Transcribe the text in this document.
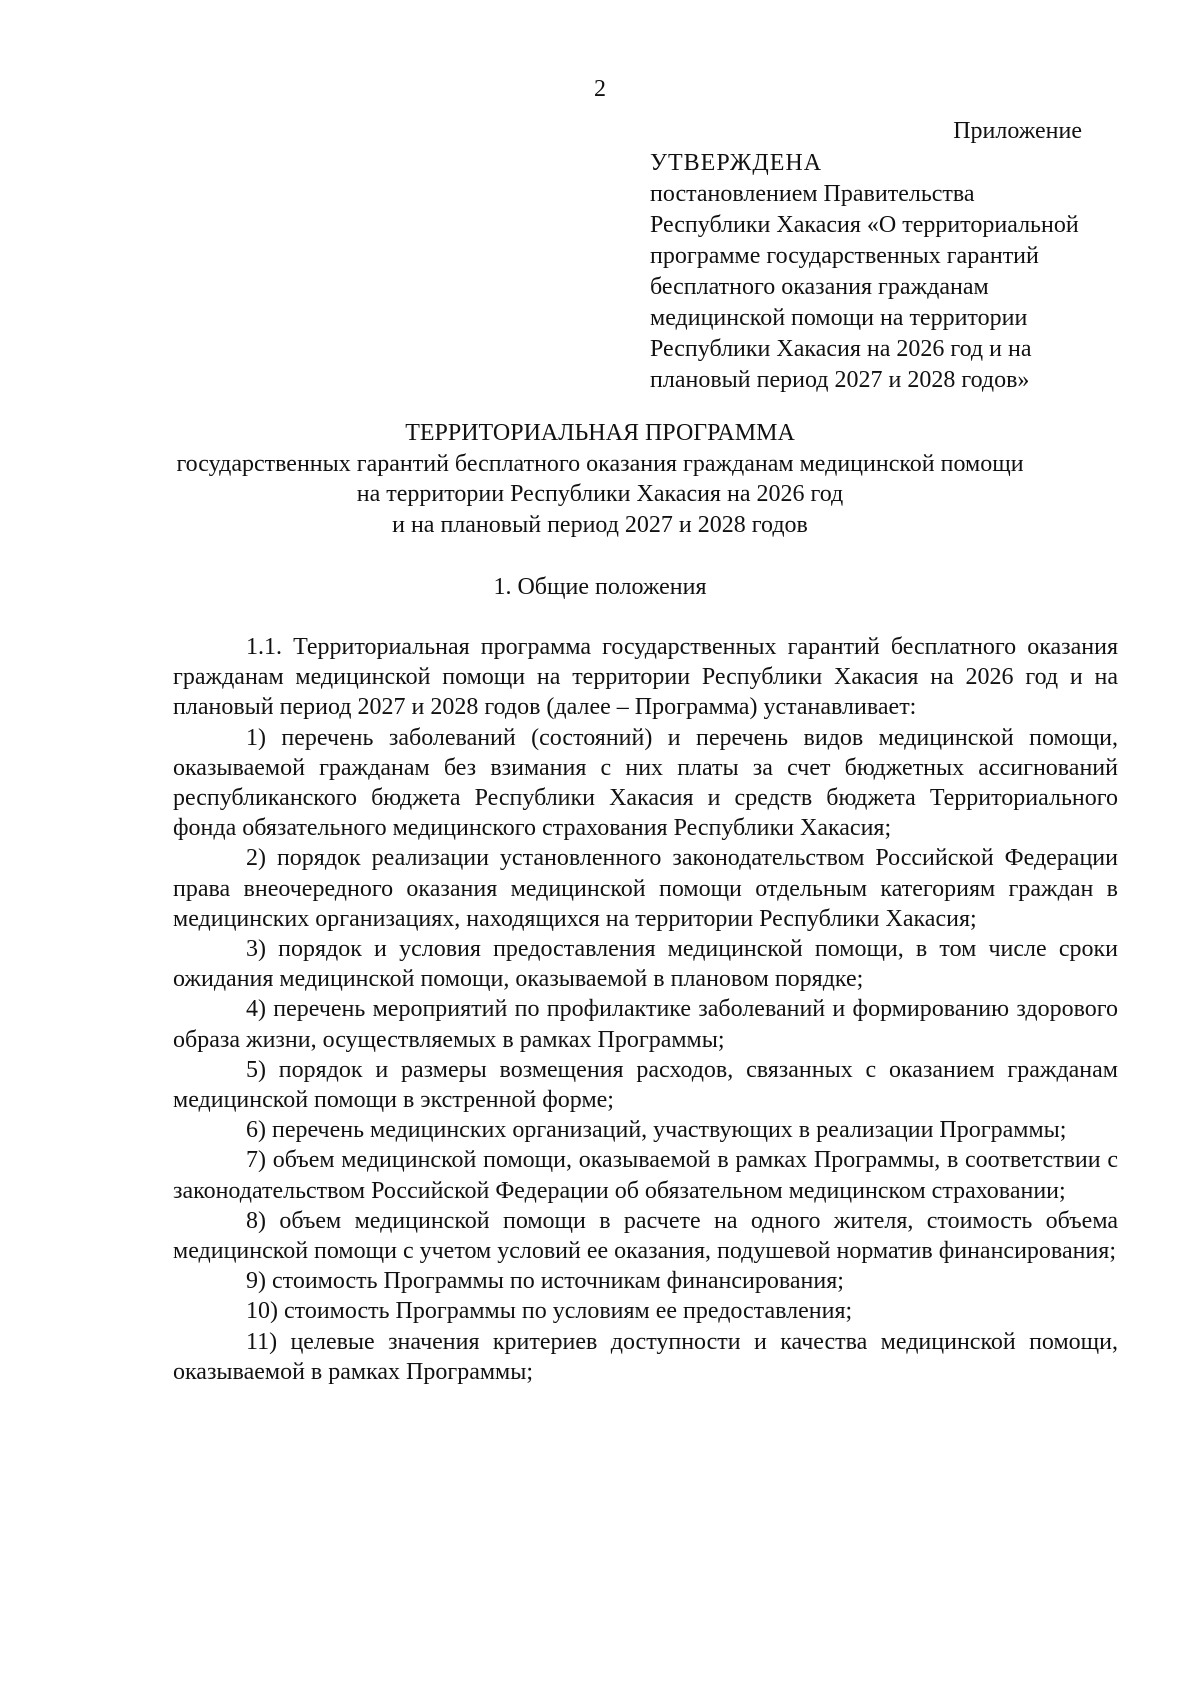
2
Приложение
УТВЕРЖДЕНА
постановлением Правительства
Республики Хакасия «О территориальной
программе государственных гарантий
бесплатного оказания гражданам
медицинской помощи на территории
Республики Хакасия на 2026 год и на
плановый период 2027 и 2028 годов»
ТЕРРИТОРИАЛЬНАЯ ПРОГРАММА
государственных гарантий бесплатного оказания гражданам медицинской помощи
на территории Республики Хакасия на 2026 год
и на плановый период 2027 и 2028 годов
1. Общие положения

1.1. Территориальная программа государственных гарантий бесплатного оказания гражданам медицинской помощи на территории Республики Хакасия на 2026 год и на плановый период 2027 и 2028 годов (далее – Программа) устанавливает:

1) перечень заболеваний (состояний) и перечень видов медицинской помощи, оказываемой гражданам без взимания с них платы за счет бюджетных ассигнований республиканского бюджета Республики Хакасия и средств бюджета Территориального фонда обязательного медицинского страхования Республики Хакасия;

2) порядок реализации установленного законодательством Российской Федерации права внеочередного оказания медицинской помощи отдельным категориям граждан в медицинских организациях, находящихся на территории Республики Хакасия;

3) порядок и условия предоставления медицинской помощи, в том числе сроки ожидания медицинской помощи, оказываемой в плановом порядке;

4) перечень мероприятий по профилактике заболеваний и формированию здорового образа жизни, осуществляемых в рамках Программы;

5) порядок и размеры возмещения расходов, связанных с оказанием гражданам медицинской помощи в экстренной форме;

6) перечень медицинских организаций, участвующих в реализации Программы;

7) объем медицинской помощи, оказываемой в рамках Программы, в соответствии с законодательством Российской Федерации об обязательном медицинском страховании;

8) объем медицинской помощи в расчете на одного жителя, стоимость объема медицинской помощи с учетом условий ее оказания, подушевой норматив финансирования;

9) стоимость Программы по источникам финансирования;

10) стоимость Программы по условиям ее предоставления;

11) целевые значения критериев доступности и качества медицинской помощи, оказываемой в рамках Программы;
